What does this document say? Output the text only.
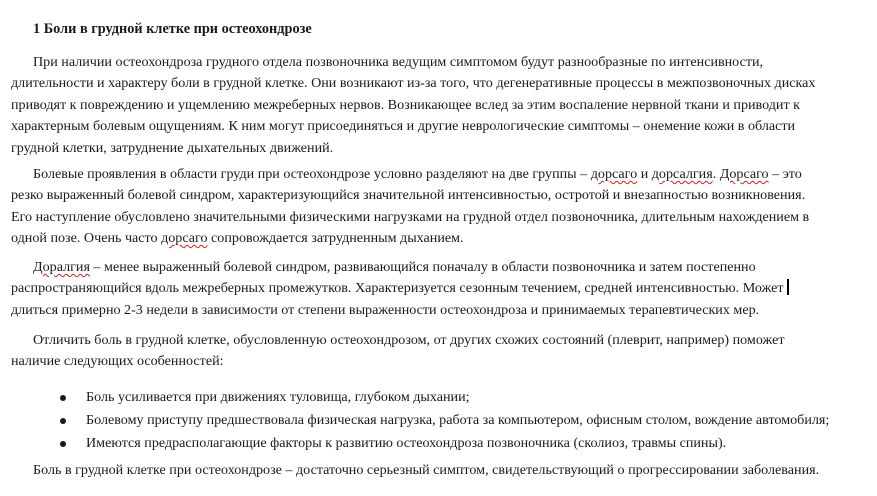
1 Боли в грудной клетке при остеохондрозе
При наличии остеохондроза грудного отдела позвоночника ведущим симптомом будут разнообразные по интенсивности,
длительности и характеру боли в грудной клетке. Они возникают из-за того, что дегенеративные процессы в межпозвоночных дисках
приводят к повреждению и ущемлению межреберных нервов. Возникающее вслед за этим воспаление нервной ткани и приводит к
характерным болевым ощущениям. К ним могут присоединяться и другие неврологические симптомы – онемение кожи в области
грудной клетки, затруднение дыхательных движений.
Болевые проявления в области груди при остеохондрозе условно разделяют на две группы – дорсаго и дорсалгия. Дорсаго – это
резко выраженный болевой синдром, характеризующийся значительной интенсивностью, остротой и внезапностью возникновения.
Его наступление обусловлено значительными физическими нагрузками на грудной отдел позвоночника, длительным нахождением в
одной позе. Очень часто дорсаго сопровождается затрудненным дыханием.
Доралгия – менее выраженный болевой синдром, развивающийся поначалу в области позвоночника и затем постепенно
распространяющийся вдоль межреберных промежутков. Характеризуется сезонным течением, средней интенсивностью. Может
длиться примерно 2-3 недели в зависимости от степени выраженности остеохондроза и принимаемых терапевтических мер.
Отличить боль в грудной клетке, обусловленную остеохондрозом, от других схожих состояний (плеврит, например) поможет
наличие следующих особенностей:
Боль усиливается при движениях туловища, глубоком дыхании;
Болевому приступу предшествовала физическая нагрузка, работа за компьютером, офисным столом, вождение автомобиля;
Имеются предрасполагающие факторы к развитию остеохондроза позвоночника (сколиоз, травмы спины).
Боль в грудной клетке при остеохондрозе – достаточно серьезный симптом, свидетельствующий о прогрессировании заболевания.
